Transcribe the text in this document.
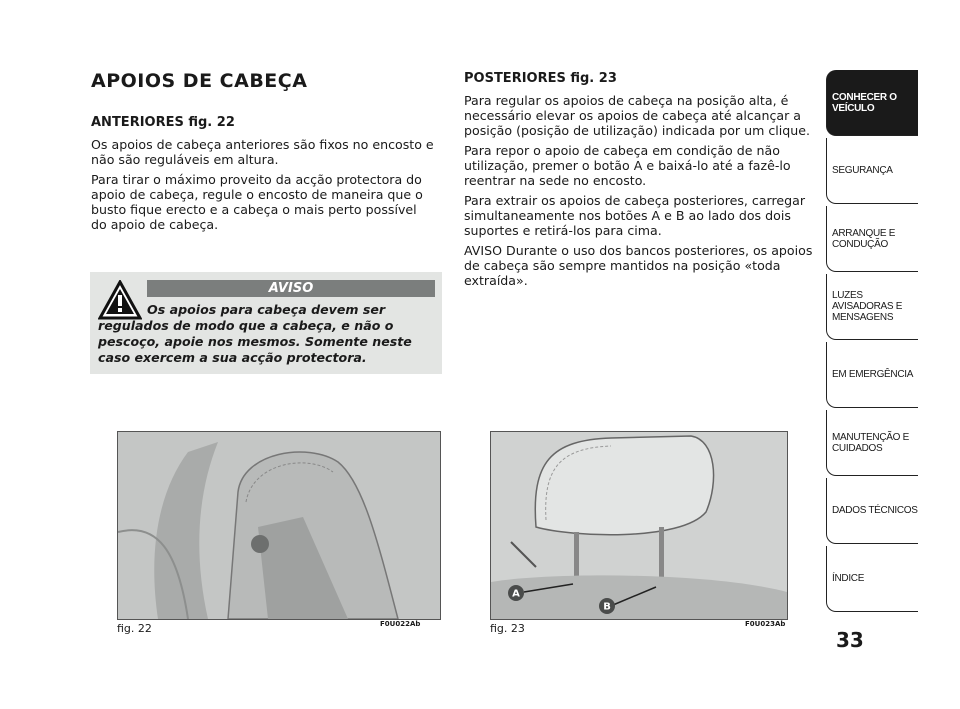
APOIOS DE CABEÇA

ANTERIORES fig. 22

Os apoios de cabeça anteriores são fixos no encosto e não são reguláveis em altura.

Para tirar o máximo proveito da acção protectora do apoio de cabeça, regule o encosto de maneira que o busto fique erecto e a cabeça o mais perto possível do apoio de cabeça.

AVISO
Os apoios para cabeça devem ser regulados de modo que a cabeça, e não o pescoço, apoie nos mesmos. Somente neste caso exercem a sua acção protectora.

POSTERIORES fig. 23

Para regular os apoios de cabeça na posição alta, é necessário elevar os apoios de cabeça até alcançar a posição (posição de utilização) indicada por um clique.

Para repor o apoio de cabeça em condição de não utilização, premer o botão A e baixá-lo até a fazê-lo reentrar na sede no encosto.

Para extrair os apoios de cabeça posteriores, carregar simultaneamente nos botões A e B ao lado dos dois suportes e retirá-los para cima.

AVISO Durante o uso dos bancos posteriores, os apoios de cabeça são sempre mantidos na posição «toda extraída».

fig. 22	F0U022Ab
A
B
fig. 23	F0U023Ab
CONHECER O VEÍCULO
SEGURANÇA
ARRANQUE E CONDUÇÃO
LUZES AVISADORAS E MENSAGENS
EM EMERGÊNCIA
MANUTENÇÃO E CUIDADOS
DADOS TÉCNICOS
ÍNDICE
33
